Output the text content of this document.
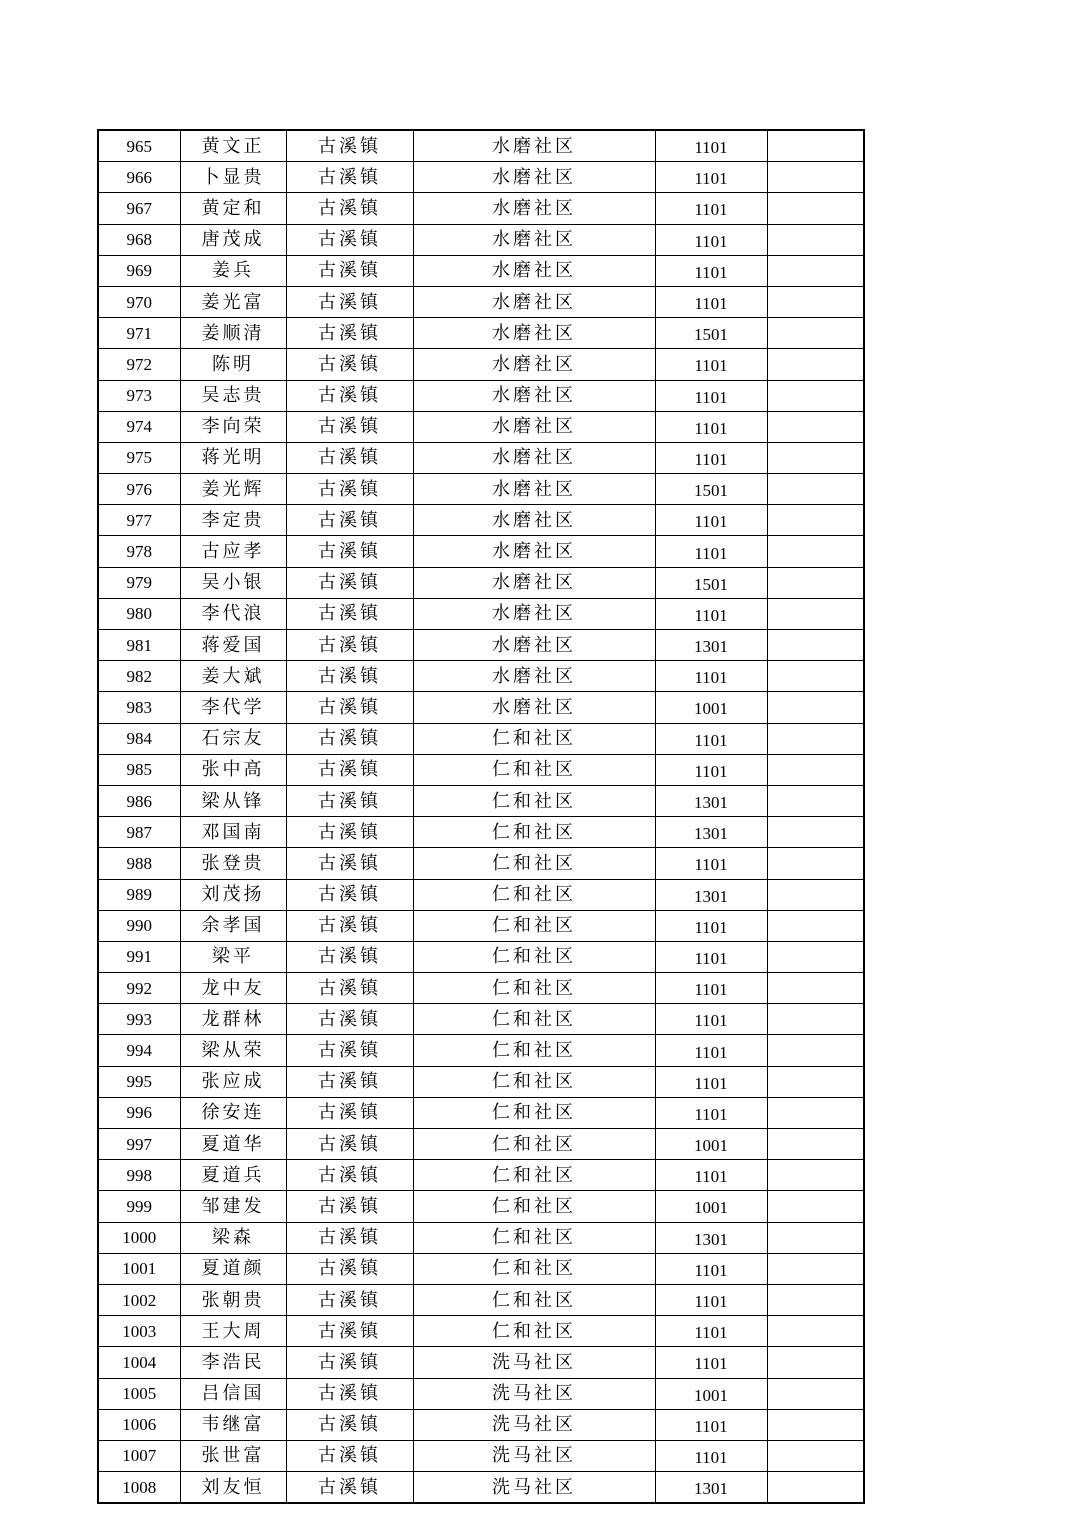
965	黄文正	古溪镇	水磨社区	1101	
966	卜显贵	古溪镇	水磨社区	1101	
967	黄定和	古溪镇	水磨社区	1101	
968	唐茂成	古溪镇	水磨社区	1101	
969	姜兵	古溪镇	水磨社区	1101	
970	姜光富	古溪镇	水磨社区	1101	
971	姜顺清	古溪镇	水磨社区	1501	
972	陈明	古溪镇	水磨社区	1101	
973	吴志贵	古溪镇	水磨社区	1101	
974	李向荣	古溪镇	水磨社区	1101	
975	蒋光明	古溪镇	水磨社区	1101	
976	姜光辉	古溪镇	水磨社区	1501	
977	李定贵	古溪镇	水磨社区	1101	
978	古应孝	古溪镇	水磨社区	1101	
979	吴小银	古溪镇	水磨社区	1501	
980	李代浪	古溪镇	水磨社区	1101	
981	蒋爱国	古溪镇	水磨社区	1301	
982	姜大斌	古溪镇	水磨社区	1101	
983	李代学	古溪镇	水磨社区	1001	
984	石宗友	古溪镇	仁和社区	1101	
985	张中高	古溪镇	仁和社区	1101	
986	梁从锋	古溪镇	仁和社区	1301	
987	邓国南	古溪镇	仁和社区	1301	
988	张登贵	古溪镇	仁和社区	1101	
989	刘茂扬	古溪镇	仁和社区	1301	
990	余孝国	古溪镇	仁和社区	1101	
991	梁平	古溪镇	仁和社区	1101	
992	龙中友	古溪镇	仁和社区	1101	
993	龙群林	古溪镇	仁和社区	1101	
994	梁从荣	古溪镇	仁和社区	1101	
995	张应成	古溪镇	仁和社区	1101	
996	徐安连	古溪镇	仁和社区	1101	
997	夏道华	古溪镇	仁和社区	1001	
998	夏道兵	古溪镇	仁和社区	1101	
999	邹建发	古溪镇	仁和社区	1001	
1000	梁森	古溪镇	仁和社区	1301	
1001	夏道颜	古溪镇	仁和社区	1101	
1002	张朝贵	古溪镇	仁和社区	1101	
1003	王大周	古溪镇	仁和社区	1101	
1004	李浩民	古溪镇	洗马社区	1101	
1005	吕信国	古溪镇	洗马社区	1001	
1006	韦继富	古溪镇	洗马社区	1101	
1007	张世富	古溪镇	洗马社区	1101	
1008	刘友恒	古溪镇	洗马社区	1301	
